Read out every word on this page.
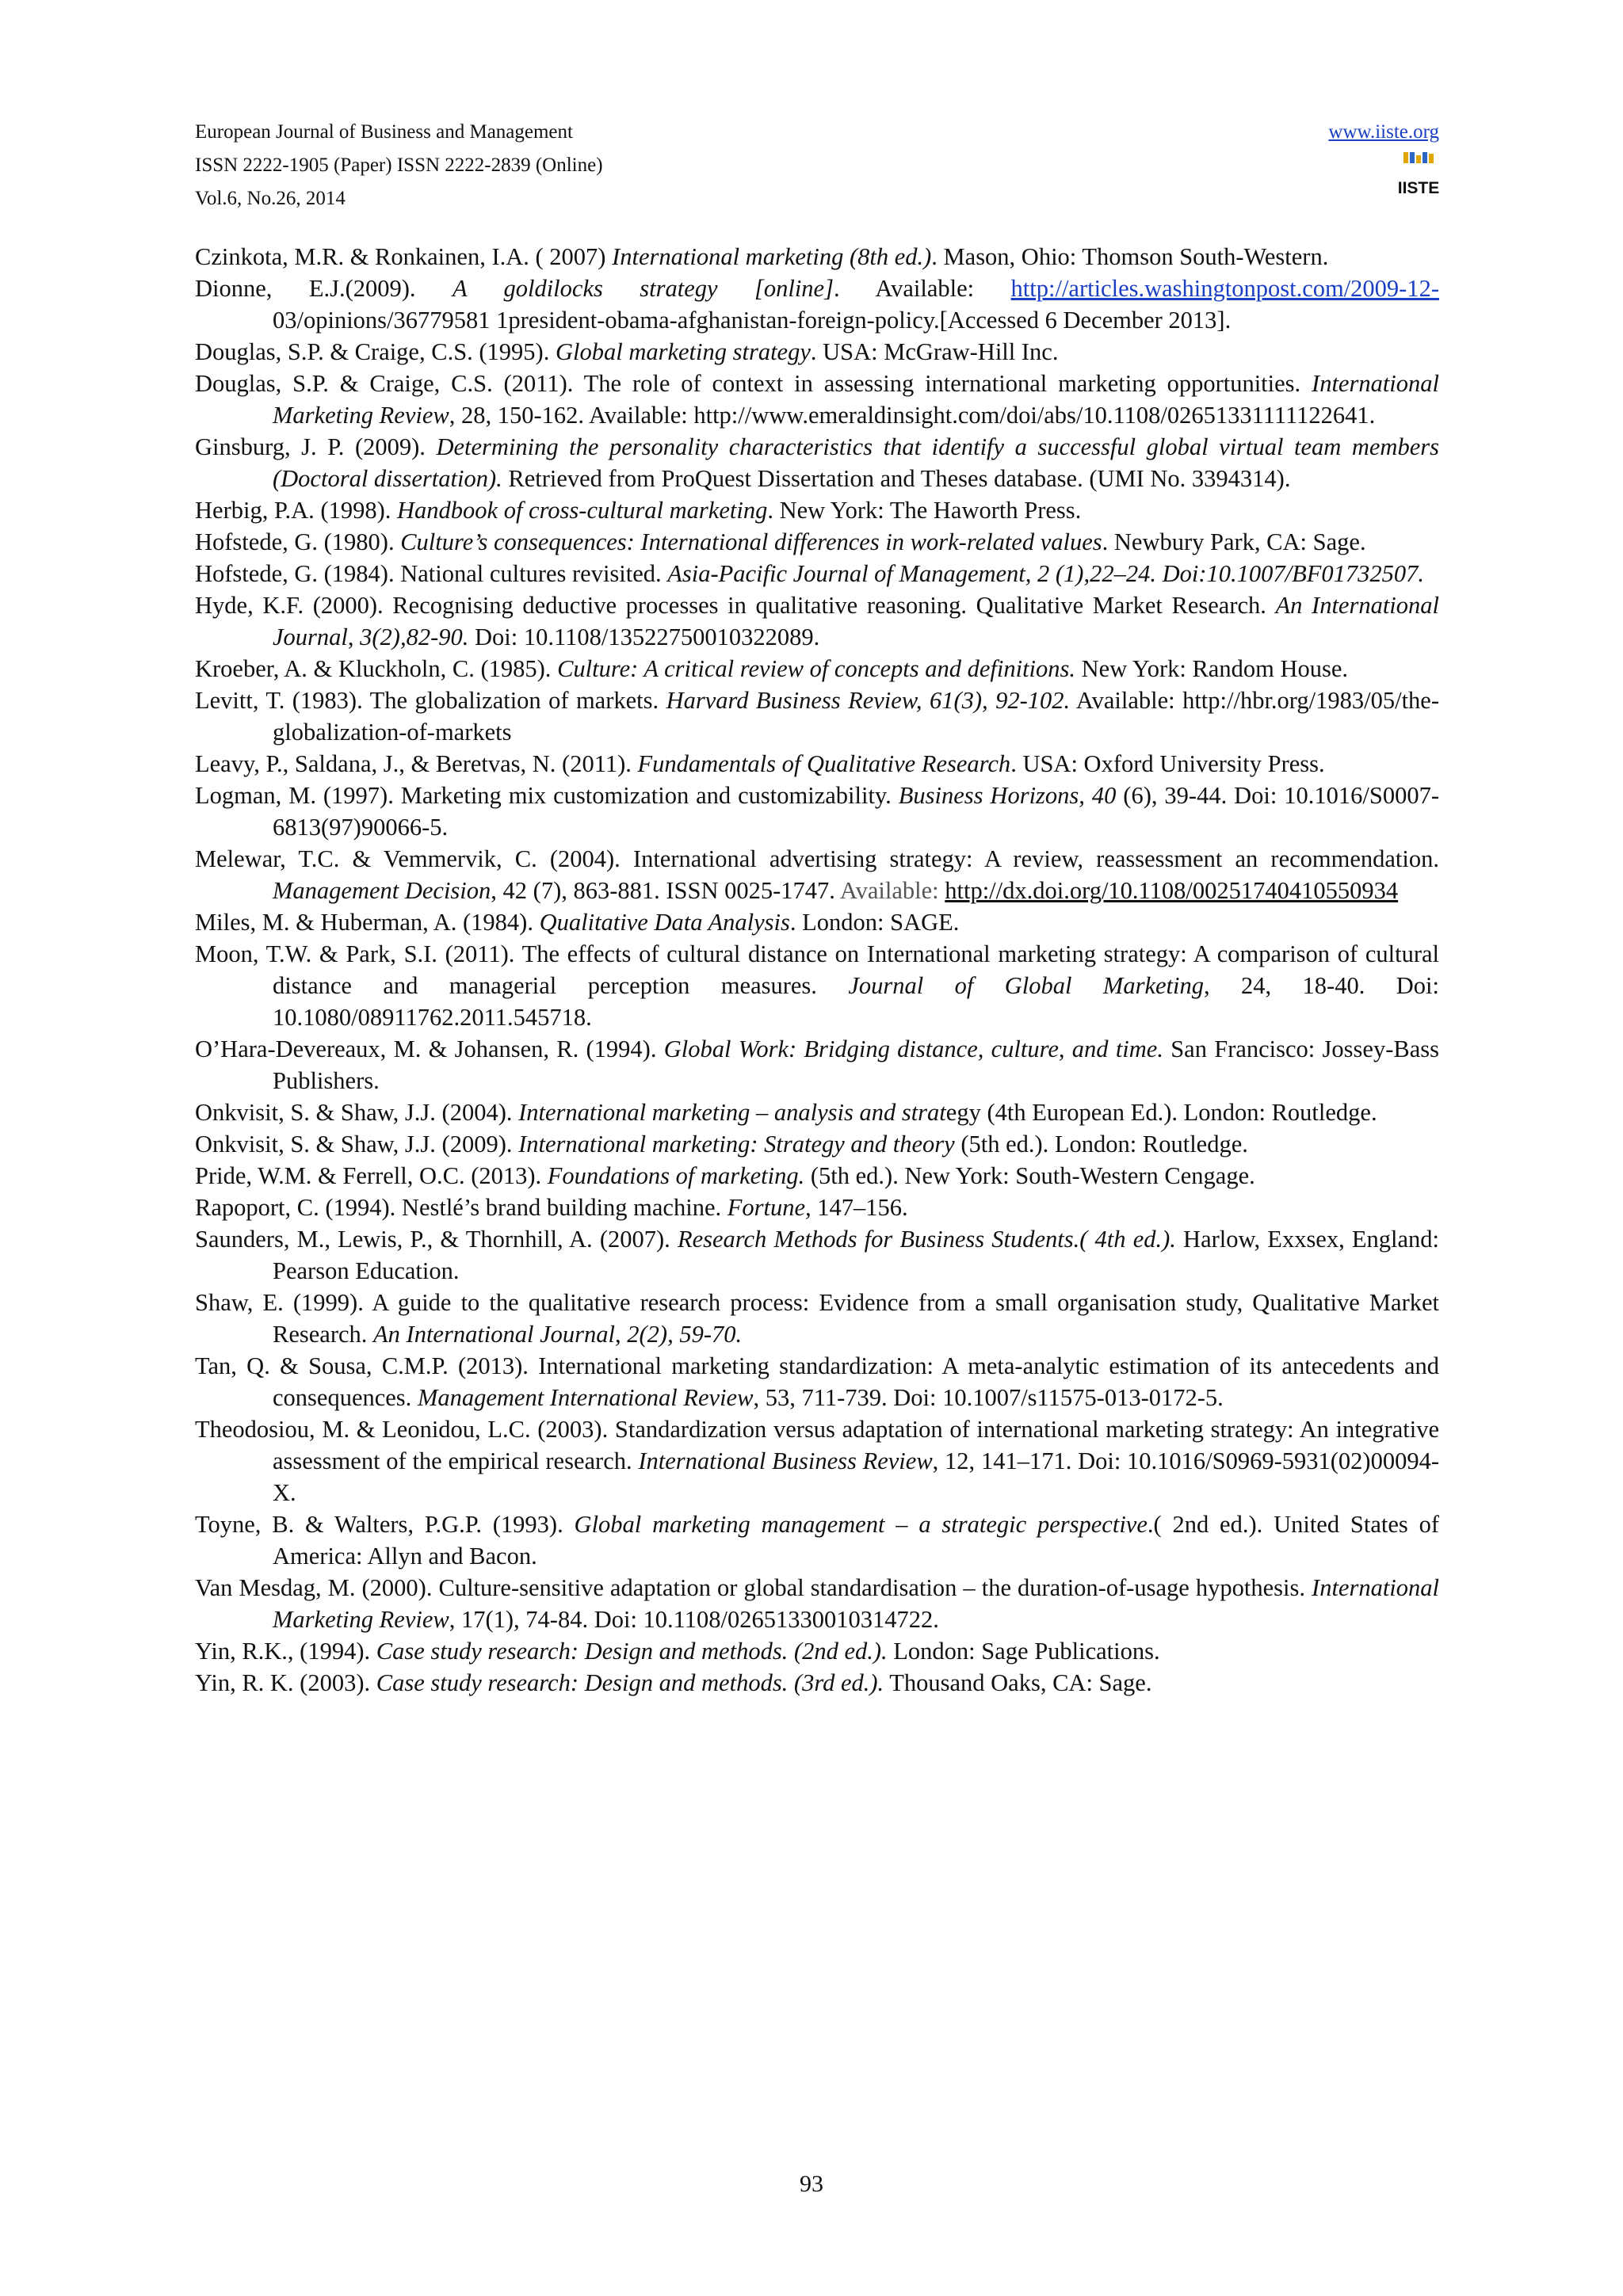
European Journal of Business and Management
ISSN 2222-1905 (Paper) ISSN 2222-2839 (Online)
Vol.6, No.26, 2014
www.iiste.org
IISTE

Czinkota, M.R. & Ronkainen, I.A. ( 2007) International marketing (8th ed.). Mason, Ohio: Thomson South-Western.

Dionne, E.J.(2009). A goldilocks strategy [online]. Available: http://articles.washingtonpost.com/2009-12-03/opinions/36779581 1president-obama-afghanistan-foreign-policy.[Accessed 6 December 2013].

Douglas, S.P. & Craige, C.S. (1995). Global marketing strategy. USA: McGraw-Hill Inc.

Douglas, S.P. & Craige, C.S. (2011). The role of context in assessing international marketing opportunities. International Marketing Review, 28, 150-162. Available: http://www.emeraldinsight.com/doi/abs/10.1108/02651331111122641.

Ginsburg, J. P. (2009). Determining the personality characteristics that identify a successful global virtual team members (Doctoral dissertation). Retrieved from ProQuest Dissertation and Theses database. (UMI No. 3394314).

Herbig, P.A. (1998). Handbook of cross-cultural marketing. New York: The Haworth Press.

Hofstede, G. (1980). Culture’s consequences: International differences in work-related values. Newbury Park, CA: Sage.

Hofstede, G. (1984). National cultures revisited. Asia-Pacific Journal of Management, 2 (1),22–24. Doi:10.1007/BF01732507.

Hyde, K.F. (2000). Recognising deductive processes in qualitative reasoning. Qualitative Market Research. An International Journal, 3(2),82-90. Doi: 10.1108/13522750010322089.

Kroeber, A. & Kluckholn, C. (1985). Culture: A critical review of concepts and definitions. New York: Random House.

Levitt, T. (1983). The globalization of markets. Harvard Business Review, 61(3), 92-102. Available: http://hbr.org/1983/05/the-globalization-of-markets

Leavy, P., Saldana, J., & Beretvas, N. (2011). Fundamentals of Qualitative Research. USA: Oxford University Press.

Logman, M. (1997). Marketing mix customization and customizability. Business Horizons, 40 (6), 39-44. Doi: 10.1016/S0007-6813(97)90066-5.

Melewar, T.C. & Vemmervik, C. (2004). International advertising strategy: A review, reassessment an recommendation. Management Decision, 42 (7), 863-881. ISSN 0025-1747. Available: http://dx.doi.org/10.1108/00251740410550934

Miles, M. & Huberman, A. (1984). Qualitative Data Analysis. London: SAGE.

Moon, T.W. & Park, S.I. (2011). The effects of cultural distance on International marketing strategy: A comparison of cultural distance and managerial perception measures. Journal of Global Marketing, 24, 18-40. Doi: 10.1080/08911762.2011.545718.

O’Hara-Devereaux, M. & Johansen, R. (1994). Global Work: Bridging distance, culture, and time. San Francisco: Jossey-Bass Publishers.

Onkvisit, S. & Shaw, J.J. (2004). International marketing – analysis and strategy (4th European Ed.). London: Routledge.

Onkvisit, S. & Shaw, J.J. (2009). International marketing: Strategy and theory (5th ed.). London: Routledge.

Pride, W.M. & Ferrell, O.C. (2013). Foundations of marketing. (5th ed.). New York: South-Western Cengage.

Rapoport, C. (1994). Nestlé’s brand building machine. Fortune, 147–156.

Saunders, M., Lewis, P., & Thornhill, A. (2007). Research Methods for Business Students.( 4th ed.). Harlow, Exxsex, England: Pearson Education.

Shaw, E. (1999). A guide to the qualitative research process: Evidence from a small organisation study, Qualitative Market Research. An International Journal, 2(2), 59-70.

Tan, Q. & Sousa, C.M.P. (2013). International marketing standardization: A meta-analytic estimation of its antecedents and consequences. Management International Review, 53, 711-739. Doi: 10.1007/s11575-013-0172-5.

Theodosiou, M. & Leonidou, L.C. (2003). Standardization versus adaptation of international marketing strategy: An integrative assessment of the empirical research. International Business Review, 12, 141–171. Doi: 10.1016/S0969-5931(02)00094-X.

Toyne, B. & Walters, P.G.P. (1993). Global marketing management – a strategic perspective.( 2nd ed.). United States of America: Allyn and Bacon.

Van Mesdag, M. (2000). Culture-sensitive adaptation or global standardisation – the duration-of-usage hypothesis. International Marketing Review, 17(1), 74-84. Doi: 10.1108/02651330010314722.

Yin, R.K., (1994). Case study research: Design and methods. (2nd ed.). London: Sage Publications.

Yin, R. K. (2003). Case study research: Design and methods. (3rd ed.). Thousand Oaks, CA: Sage.

93
